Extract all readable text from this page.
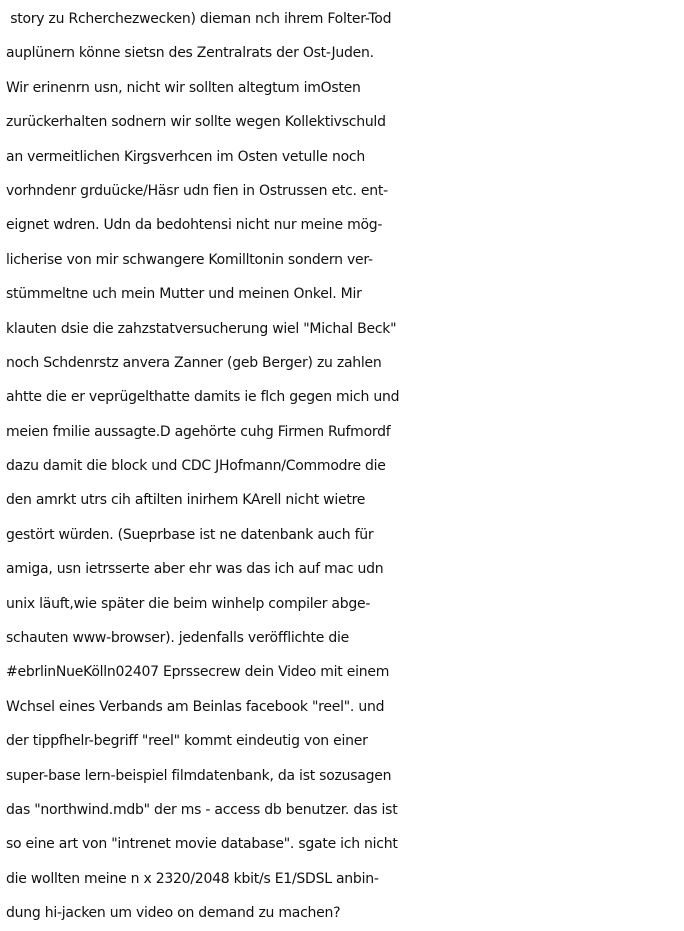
story zu Rcherchezwecken) dieman nch ihrem Folter-Tod
auplünern könne sietsn des Zentralrats der Ost-Juden.
Wir erinenrn usn, nicht wir sollten altegtum imOsten
zurückerhalten sodnern wir sollte wegen Kollektivschuld
an vermeitlichen Kirgsverhcen im Osten vetulle noch
vorhndenr grduücke/Häsr udn fien in Ostrussen etc. ent-
eignet wdren. Udn da bedohtensi nicht nur meine mög-
licherise von mir schwangere Komilltonin sondern ver-
stümmeltne uch mein Mutter und meinen Onkel. Mir
klauten dsie die zahzstatversucherung wiel "Michal Beck"
noch Schdenrstz anvera Zanner (geb Berger) zu zahlen
ahtte die er veprügelthatte damits ie flch gegen mich und
meien fmilie aussagte.D agehörte cuhg Firmen Rufmordf
dazu damit die block und CDC JHofmann/Commodre die
den amrkt utrs cih aftilten inirhem KArell nicht wietre
gestört würden. (Sueprbase ist ne datenbank auch für
amiga, usn ietrsserte aber ehr was das ich auf mac udn
unix läuft,wie später die beim winhelp compiler abge-
schauten www-browser). jedenfalls veröfflichte die
#ebrlinNueKölln02407 Eprssecrew dein Video mit einem
Wchsel eines Verbands am Beinlas facebook "reel". und
der tippfhelr-begriff "reel" kommt eindeutig von einer
super-base lern-beispiel filmdatenbank, da ist sozusagen
das "northwind.mdb" der ms - access db benutzer. das ist
so eine art von "intrenet movie database". sgate ich nicht
die wollten meine n x 2320/2048 kbit/s E1/SDSL anbin-
dung hi-jacken um video on demand zu machen?
